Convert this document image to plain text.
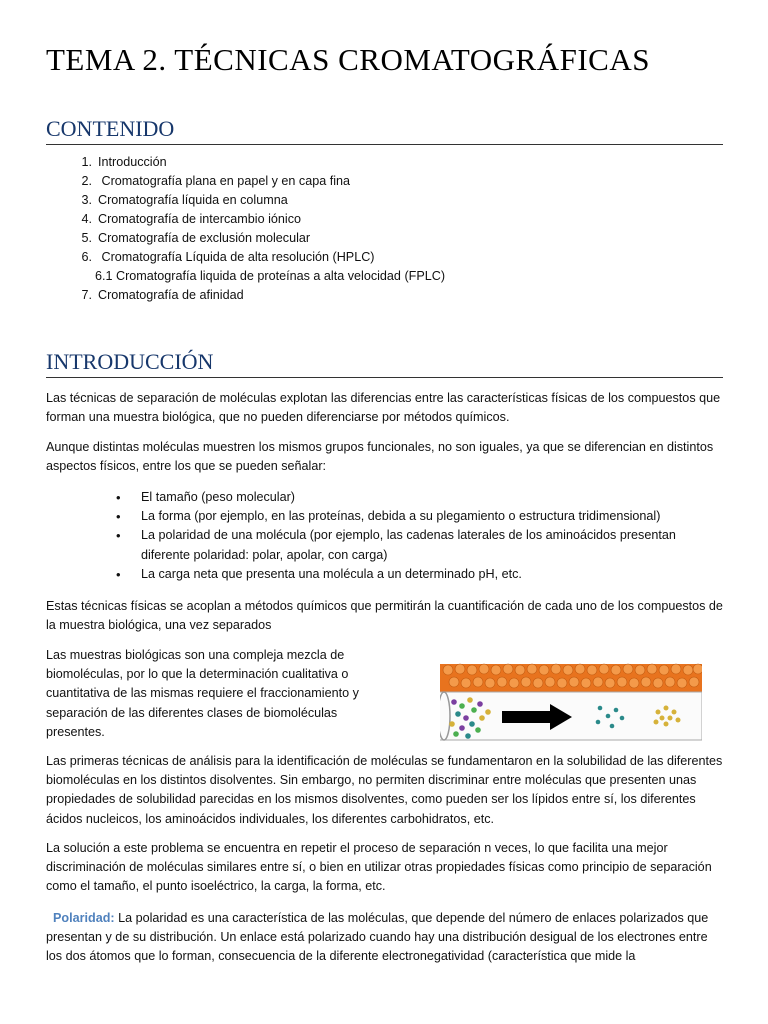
TEMA 2. TÉCNICAS CROMATOGRÁFICAS
CONTENIDO
1. Introducción
2. Cromatografía plana en papel y en capa fina
3. Cromatografía líquida en columna
4. Cromatografía de intercambio iónico
5. Cromatografía de exclusión molecular
6. Cromatografía Líquida de alta resolución (HPLC)
6.1 Cromatografía liquida de proteínas a alta velocidad (FPLC)
7. Cromatografía de afinidad
INTRODUCCIÓN

Las técnicas de separación de moléculas explotan las diferencias entre las características físicas de los compuestos que forman una muestra biológica, que no pueden diferenciarse por métodos químicos.

Aunque distintas moléculas muestren los mismos grupos funcionales, no son iguales, ya que se diferencian en distintos aspectos físicos, entre los que se pueden señalar:

• El tamaño (peso molecular)
• La forma (por ejemplo, en las proteínas, debida a su plegamiento o estructura tridimensional)
• La polaridad de una molécula (por ejemplo, las cadenas laterales de los aminoácidos presentan diferente polaridad: polar, apolar, con carga)
• La carga neta que presenta una molécula a un determinado pH, etc.

Estas técnicas físicas se acoplan a métodos químicos que permitirán la cuantificación de cada uno de los compuestos de la muestra biológica, una vez separados

Las muestras biológicas son una compleja mezcla de biomoléculas, por lo que la determinación cualitativa o cuantitativa de las mismas requiere el fraccionamiento y separación de las diferentes clases de biomoléculas presentes.

Las primeras técnicas de análisis para la identificación de moléculas se fundamentaron en la solubilidad de las diferentes biomoléculas en los distintos disolventes. Sin embargo, no permiten discriminar entre moléculas que presenten unas propiedades de solubilidad parecidas en los mismos disolventes, como pueden ser los lípidos entre sí, los diferentes ácidos nucleicos, los aminoácidos individuales, los diferentes carbohidratos, etc.

La solución a este problema se encuentra en repetir el proceso de separación n veces, lo que facilita una mejor discriminación de moléculas similares entre sí, o bien en utilizar otras propiedades físicas como principio de separación como el tamaño, el punto isoeléctrico, la carga, la forma, etc.

Polaridad: La polaridad es una característica de las moléculas, que depende del número de enlaces polarizados que presentan y de su distribución. Un enlace está polarizado cuando hay una distribución desigual de los electrones entre los dos átomos que lo forman, consecuencia de la diferente electronegatividad (característica que mide la
